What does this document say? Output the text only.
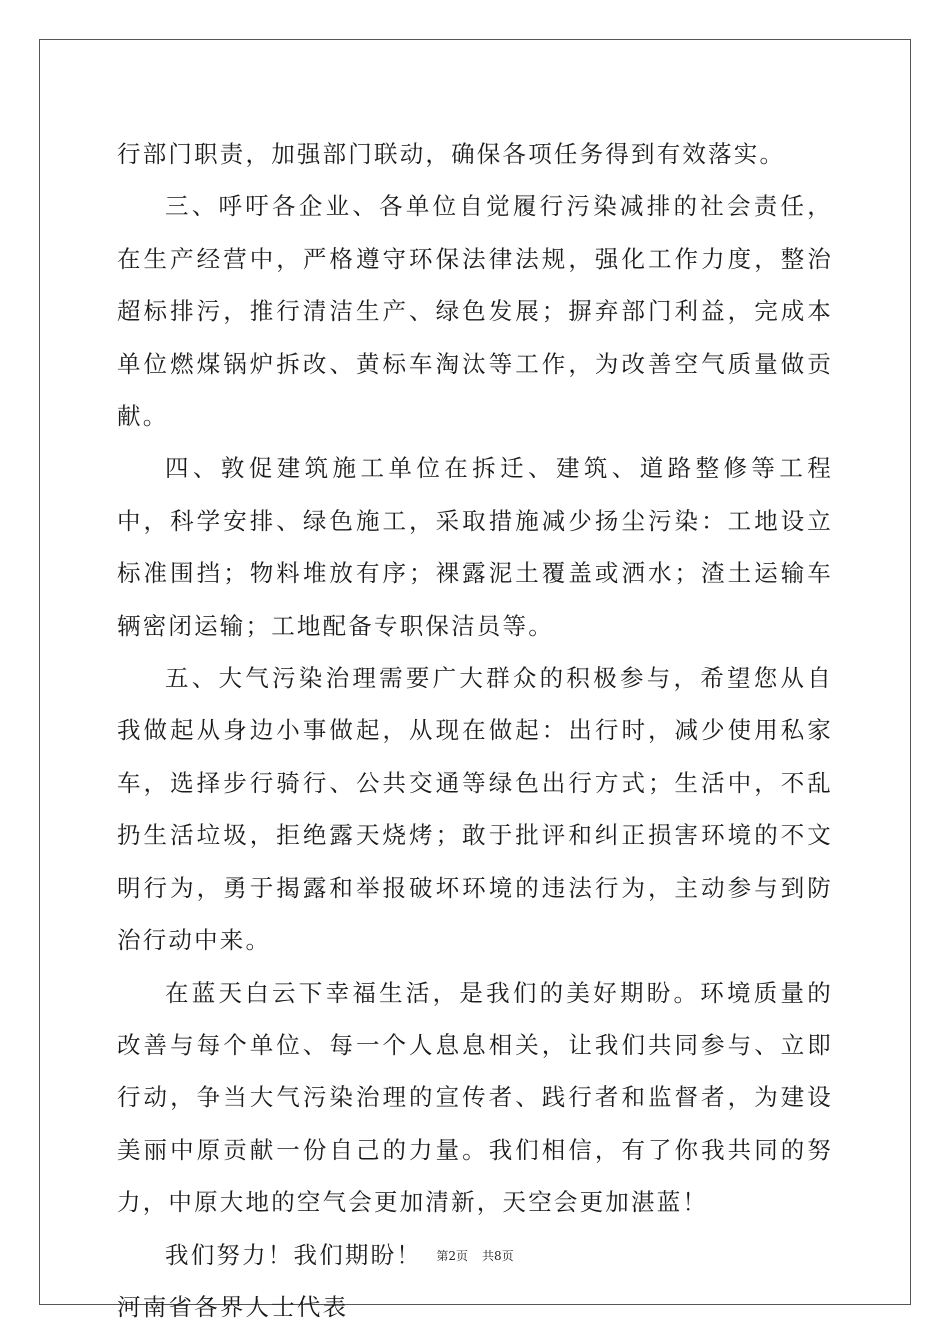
行部门职责，加强部门联动，确保各项任务得到有效落实。

三、呼吁各企业、各单位自觉履行污染减排的社会责任，在生产经营中，严格遵守环保法律法规，强化工作力度，整治超标排污，推行清洁生产、绿色发展；摒弃部门利益，完成本单位燃煤锅炉拆改、黄标车淘汰等工作，为改善空气质量做贡献。

四、敦促建筑施工单位在拆迁、建筑、道路整修等工程中，科学安排、绿色施工，采取措施减少扬尘污染：工地设立标准围挡；物料堆放有序；裸露泥土覆盖或洒水；渣土运输车辆密闭运输；工地配备专职保洁员等。

五、大气污染治理需要广大群众的积极参与，希望您从自我做起从身边小事做起，从现在做起：出行时，减少使用私家车，选择步行骑行、公共交通等绿色出行方式；生活中，不乱扔生活垃圾，拒绝露天烧烤；敢于批评和纠正损害环境的不文明行为，勇于揭露和举报破坏环境的违法行为，主动参与到防治行动中来。

在蓝天白云下幸福生活，是我们的美好期盼。环境质量的改善与每个单位、每一个人息息相关，让我们共同参与、立即行动，争当大气污染治理的宣传者、践行者和监督者，为建设美丽中原贡献一份自己的力量。我们相信，有了你我共同的努力，中原大地的空气会更加清新，天空会更加湛蓝！

我们努力！我们期盼！

河南省各界人士代表

第2页 共8页
